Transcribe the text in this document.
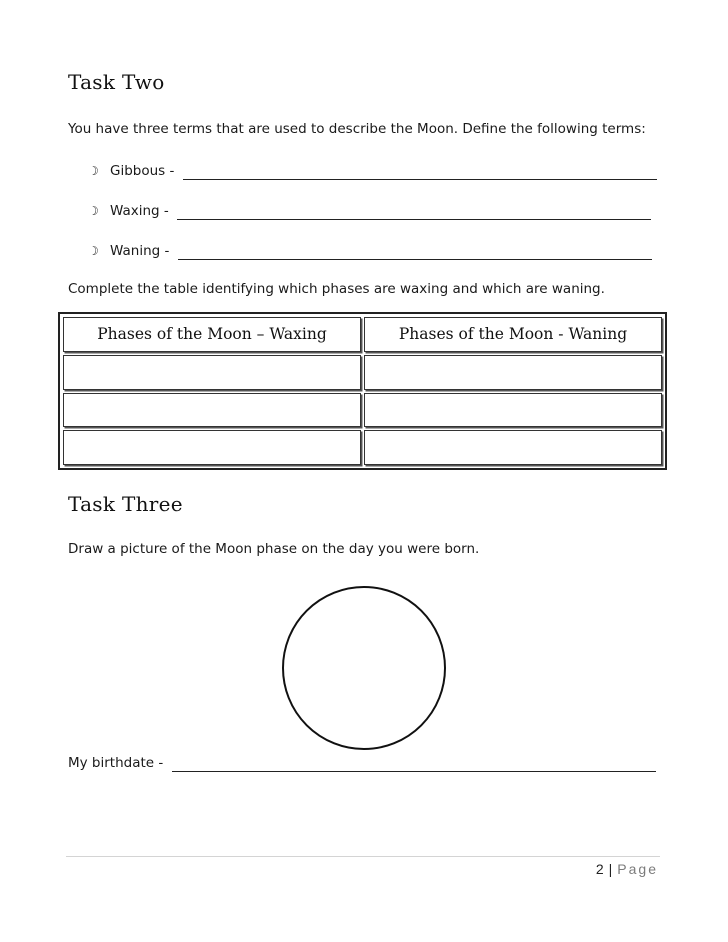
Task Two
You have three terms that are used to describe the Moon. Define the following terms:
☽ Gibbous -
☽ Waxing -
☽ Waning -
Complete the table identifying which phases are waxing and which are waning.
Phases of the Moon – Waxing	Phases of the Moon - Waning
Task Three
Draw a picture of the Moon phase on the day you were born.
My birthdate -
2 | Page
